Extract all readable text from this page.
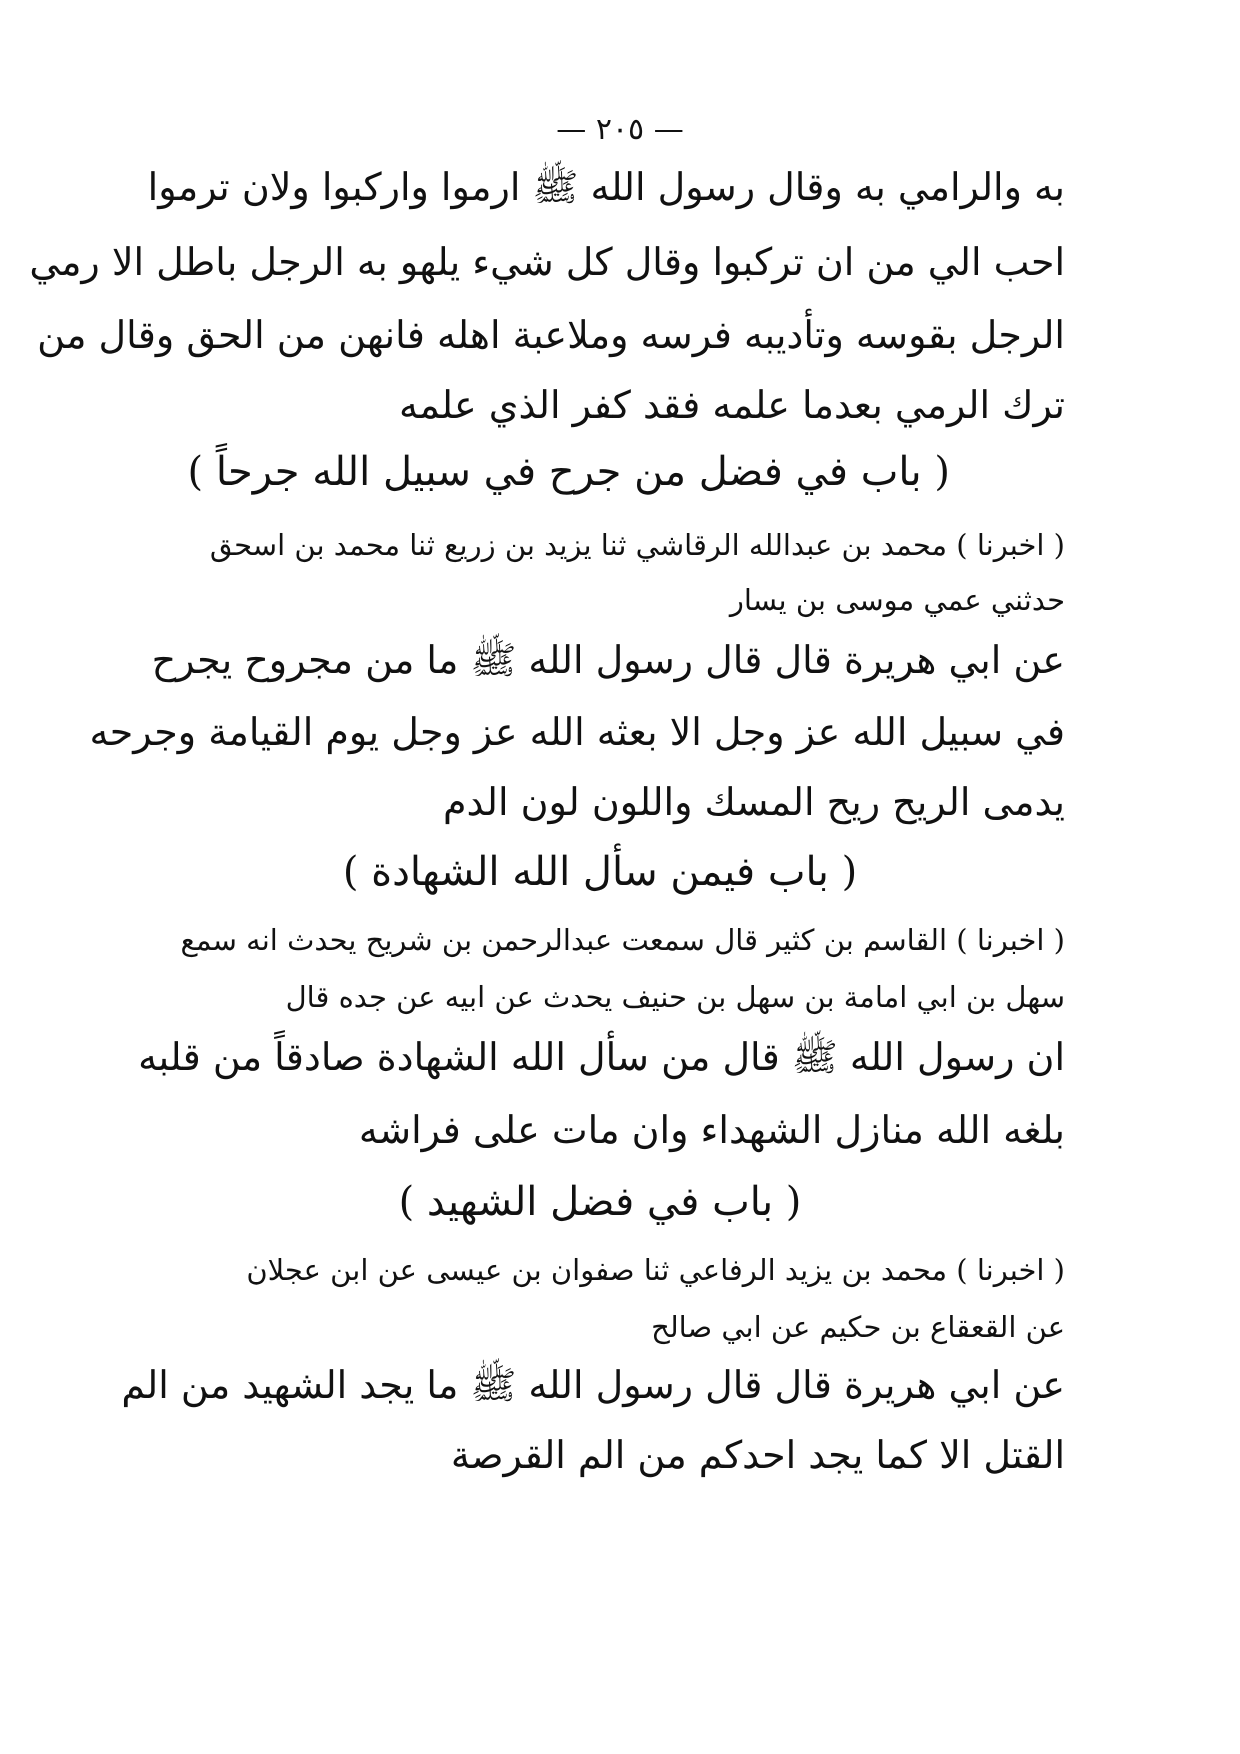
— ٢٠٥ —
به والرامي به وقال رسول الله ﷺ ارموا واركبوا ولان ترموا
احب الي من ان تركبوا وقال كل شيء يلهو به الرجل باطل الا رمي
الرجل بقوسه وتأديبه فرسه وملاعبة اهله فانهن من الحق وقال من
ترك الرمي بعدما علمه فقد كفر الذي علمه
( باب في فضل من جرح في سبيل الله جرحاً )
( اخبرنا ) محمد بن عبدالله الرقاشي ثنا يزيد بن زريع ثنا محمد بن اسحق
حدثني عمي موسى بن يسار
عن ابي هريرة قال قال رسول الله ﷺ ما من مجروح يجرح
في سبيل الله عز وجل الا بعثه الله عز وجل يوم القيامة وجرحه
يدمى الريح ريح المسك واللون لون الدم
( باب فيمن سأل الله الشهادة )
( اخبرنا ) القاسم بن كثير قال سمعت عبدالرحمن بن شريح يحدث انه سمع
سهل بن ابي امامة بن سهل بن حنيف يحدث عن ابيه عن جده قال
ان رسول الله ﷺ قال من سأل الله الشهادة صادقاً من قلبه
بلغه الله منازل الشهداء وان مات على فراشه
( باب في فضل الشهيد )
( اخبرنا ) محمد بن يزيد الرفاعي ثنا صفوان بن عيسى عن ابن عجلان
عن القعقاع بن حكيم عن ابي صالح
عن ابي هريرة قال قال رسول الله ﷺ ما يجد الشهيد من الم
القتل الا كما يجد احدكم من الم القرصة
